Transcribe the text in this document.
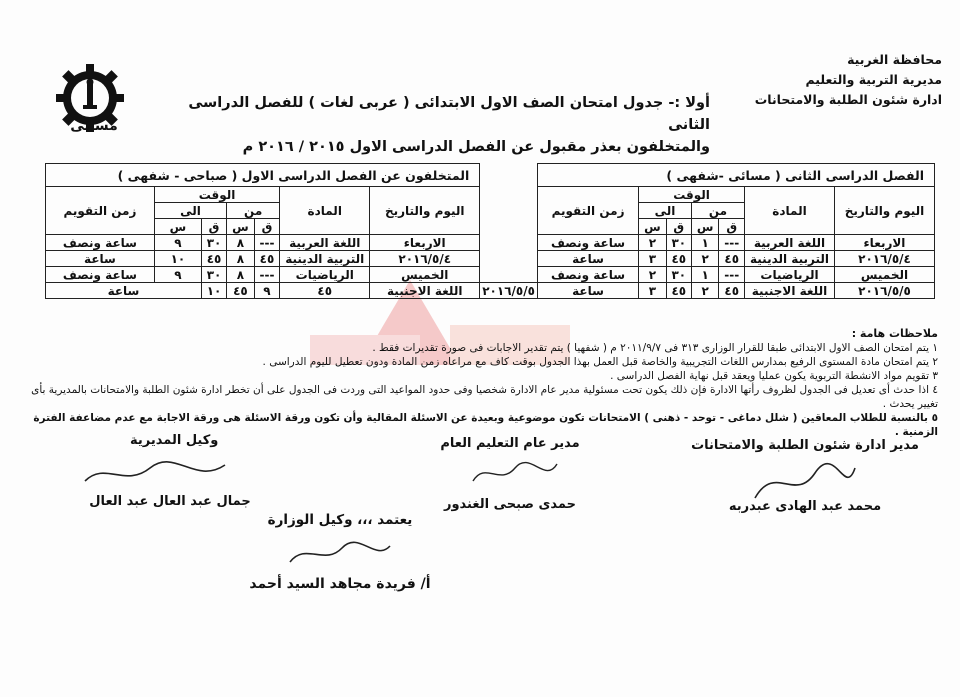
محافظة الغربية
مديرية التربية والتعليم
ادارة شئون الطلبة والامتحانات
مسائى
أولا :- جدول امتحان الصف الاول الابتدائى ( عربى لغات ) للفصل الدراسى الثانى
والمتخلفون بعذر مقبول عن الفصل الدراسى الاول ٢٠١٥ / ٢٠١٦ م
الفصل الدراسى الثانى ( مسائى -شفهى )								المتخلفون عن الفصل الدراسى الاول ( صباحى - شفهى )						
اليوم والتاريخ	المادة	الوقت				زمن التقويم		اليوم والتاريخ	المادة	الوقت				زمن التقويم
		من		الى						من		الى		
		ق	س	ق	س					ق	س	ق	س	
الاربعاء	اللغة العربية	---	١	٣٠	٢	ساعة ونصف		الاربعاء	اللغة العربية	---	٨	٣٠	٩	ساعة ونصف
٢٠١٦/٥/٤	التربية الدينية	٤٥	٢	٤٥	٣	ساعة		٢٠١٦/٥/٤	التربية الدينية	٤٥	٨	٤٥	١٠	ساعة
الخميس	الرياضيات	---	١	٣٠	٢	ساعة ونصف		الخميس	الرياضيات	---	٨	٣٠	٩	ساعة ونصف
٢٠١٦/٥/٥	اللغة الاجنبية	٤٥	٢	٤٥	٣	ساعة	٢٠١٦/٥/٥	اللغة الاجنبية	٤٥	٩	٤٥	١٠	ساعة	
ملاحظات هامة :
١ يتم امتحان الصف الاول الابتدائى طبقا للقرار الوزارى ٣١٣ فى ٢٠١١/٩/٧ م ( شفهيا ) يتم تقدير الاجابات فى صورة تقديرات فقط .
٢ يتم امتحان مادة المستوى الرفيع بمدارس اللغات التجريبية والخاصة قبل العمل بهذا الجدول بوقت كاف مع مراعاه زمن المادة ودون تعطيل لليوم الدراسى .
٣ تقويم مواد الانشطة التربوية يكون عمليا ويعقد قبل نهاية الفصل الدراسى .
٤ اذا حدث أى تعديل فى الجدول لظروف رأتها الادارة فإن ذلك يكون تحت مسئولية مدير عام الادارة شخصيا وفى حدود المواعيد التى وردت فى الجدول على أن تخطر ادارة شئون الطلبة والامتحانات بالمديرية بأى تغيير يحدث .
٥ بالنسبة للطلاب المعاقين ( شلل دماغى - توحد - ذهنى ) الامتحانات تكون موضوعية وبعيدة عن الاسئلة المقالية وأن تكون ورقة الاسئلة هى ورقة الاجابة مع عدم مضاعفة الفترة الزمنية .
مدير ادارة شئون الطلبة والامتحانات
محمد عبد الهادى عبدربه
مدير عام التعليم العام
حمدى صبحى الغندور
وكيل المديرية
جمال عبد العال عبد العال
يعتمد ،،، وكيل الوزارة
أ/ فريدة مجاهد السيد أحمد
